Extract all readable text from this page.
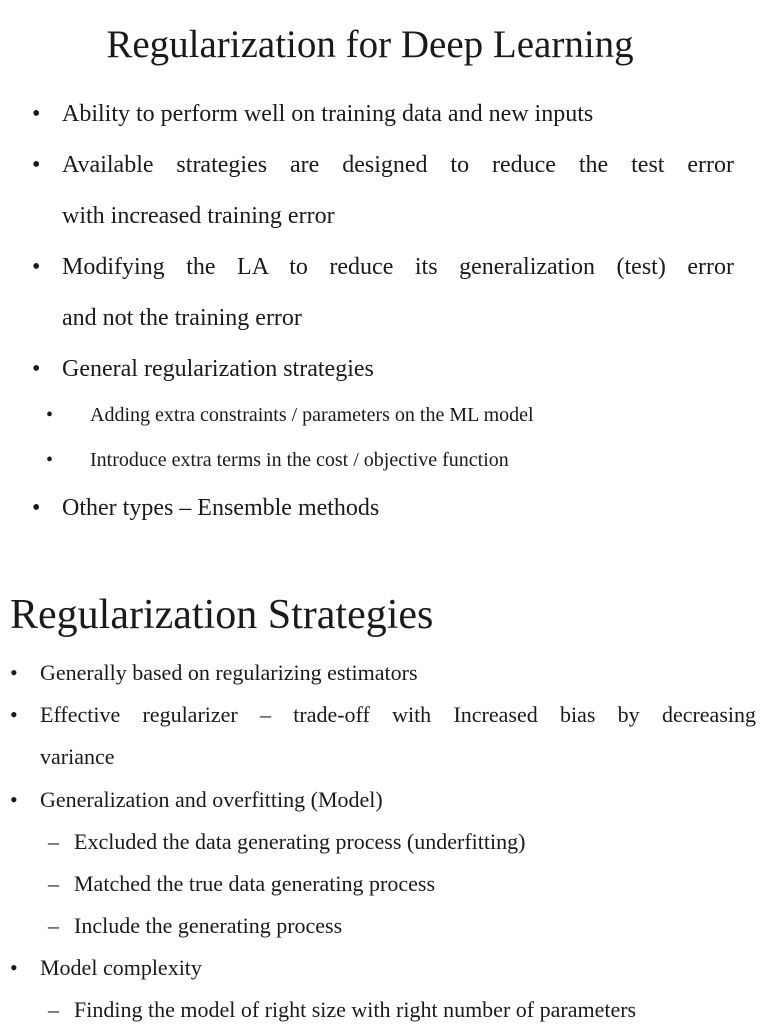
Regularization for Deep Learning
• Ability to perform well on training data and new inputs
• Available strategies are designed to reduce the test error
with increased training error
• Modifying the LA to reduce its generalization (test) error
and not the training error
• General regularization strategies
• Adding extra constraints / parameters on the ML model
• Introduce extra terms in the cost / objective function
• Other types – Ensemble methods
Regularization Strategies
• Generally based on regularizing estimators
• Effective regularizer – trade-off with Increased bias by decreasing
variance
• Generalization and overfitting (Model)
– Excluded the data generating process (underfitting)
– Matched the true data generating process
– Include the generating process
• Model complexity
– Finding the model of right size with right number of parameters
